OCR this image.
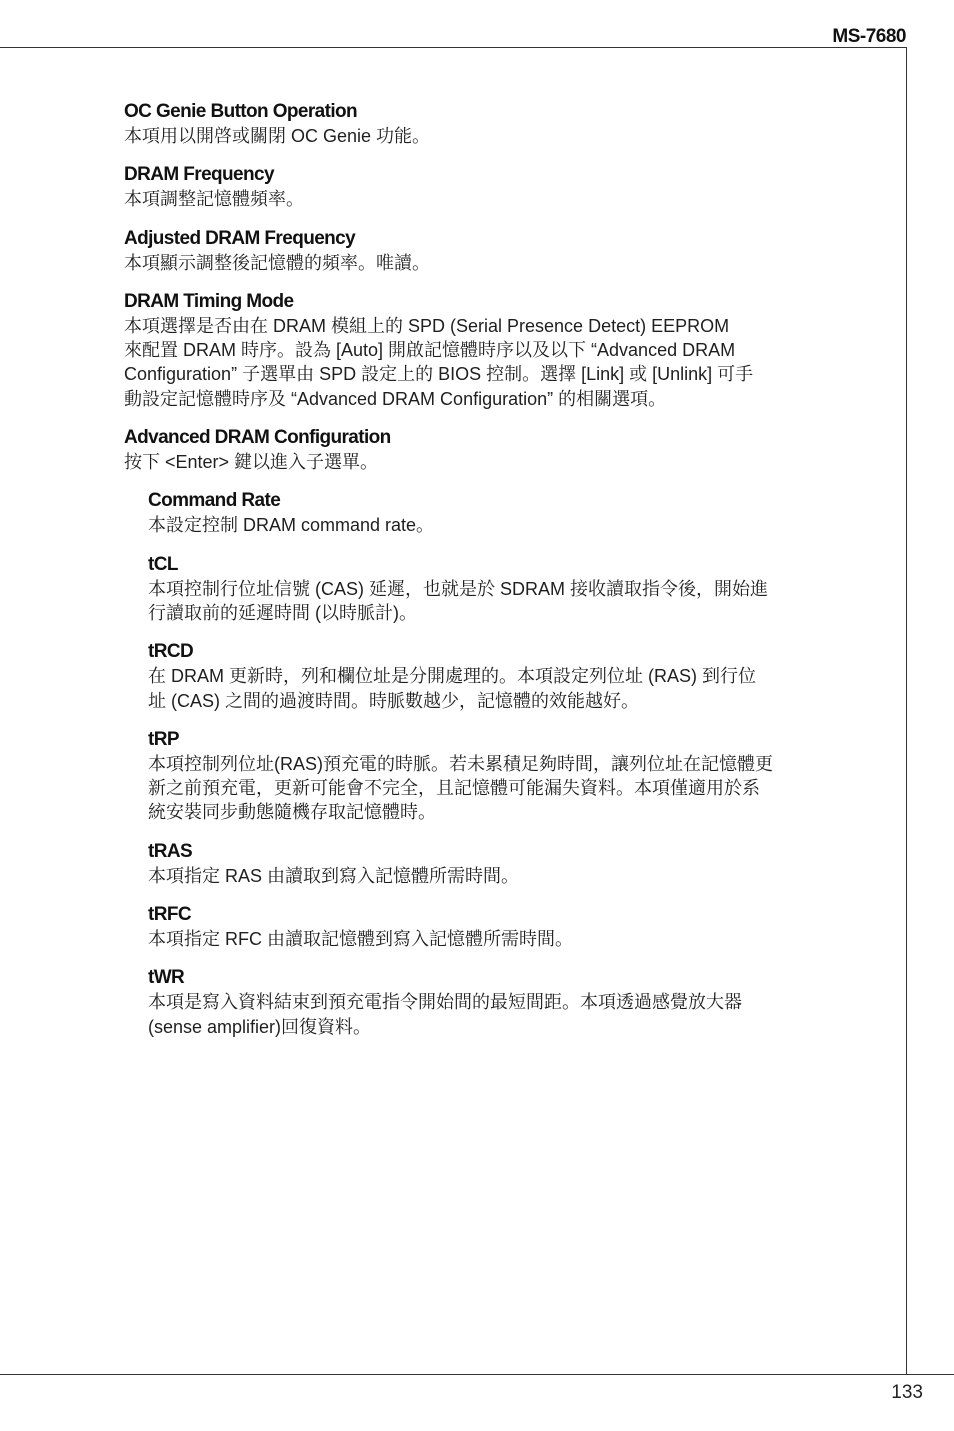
MS-7680
OC Genie Button Operation

本項用以開啓或關閉 OC Genie 功能。

DRAM Frequency

本項調整記憶體頻率。

Adjusted DRAM Frequency

本項顯示調整後記憶體的頻率。唯讀。

DRAM Timing Mode

本項選擇是否由在 DRAM 模組上的 SPD (Serial Presence Detect) EEPROM
來配置 DRAM 時序。設為 [Auto] 開啟記憶體時序以及以下 “Advanced DRAM
Configuration” 子選單由 SPD 設定上的 BIOS 控制。選擇 [Link] 或 [Unlink] 可手
動設定記憶體時序及 “Advanced DRAM Configuration” 的相關選項。

Advanced DRAM Configuration

按下 <Enter> 鍵以進入子選單。

Command Rate

本設定控制 DRAM command rate。

tCL

本項控制行位址信號 (CAS) 延遲，也就是於 SDRAM 接收讀取指令後，開始進
行讀取前的延遲時間 (以時脈計)。

tRCD

在 DRAM 更新時，列和欄位址是分開處理的。本項設定列位址 (RAS) 到行位
址 (CAS) 之間的過渡時間。時脈數越少，記憶體的效能越好。

tRP

本項控制列位址(RAS)預充電的時脈。若未累積足夠時間，讓列位址在記憶體更
新之前預充電，更新可能會不完全，且記憶體可能漏失資料。本項僅適用於系
統安裝同步動態隨機存取記憶體時。

tRAS

本項指定 RAS 由讀取到寫入記憶體所需時間。

tRFC

本項指定 RFC 由讀取記憶體到寫入記憶體所需時間。

tWR

本項是寫入資料結束到預充電指令開始間的最短間距。本項透過感覺放大器
(sense amplifier)回復資料。

133
